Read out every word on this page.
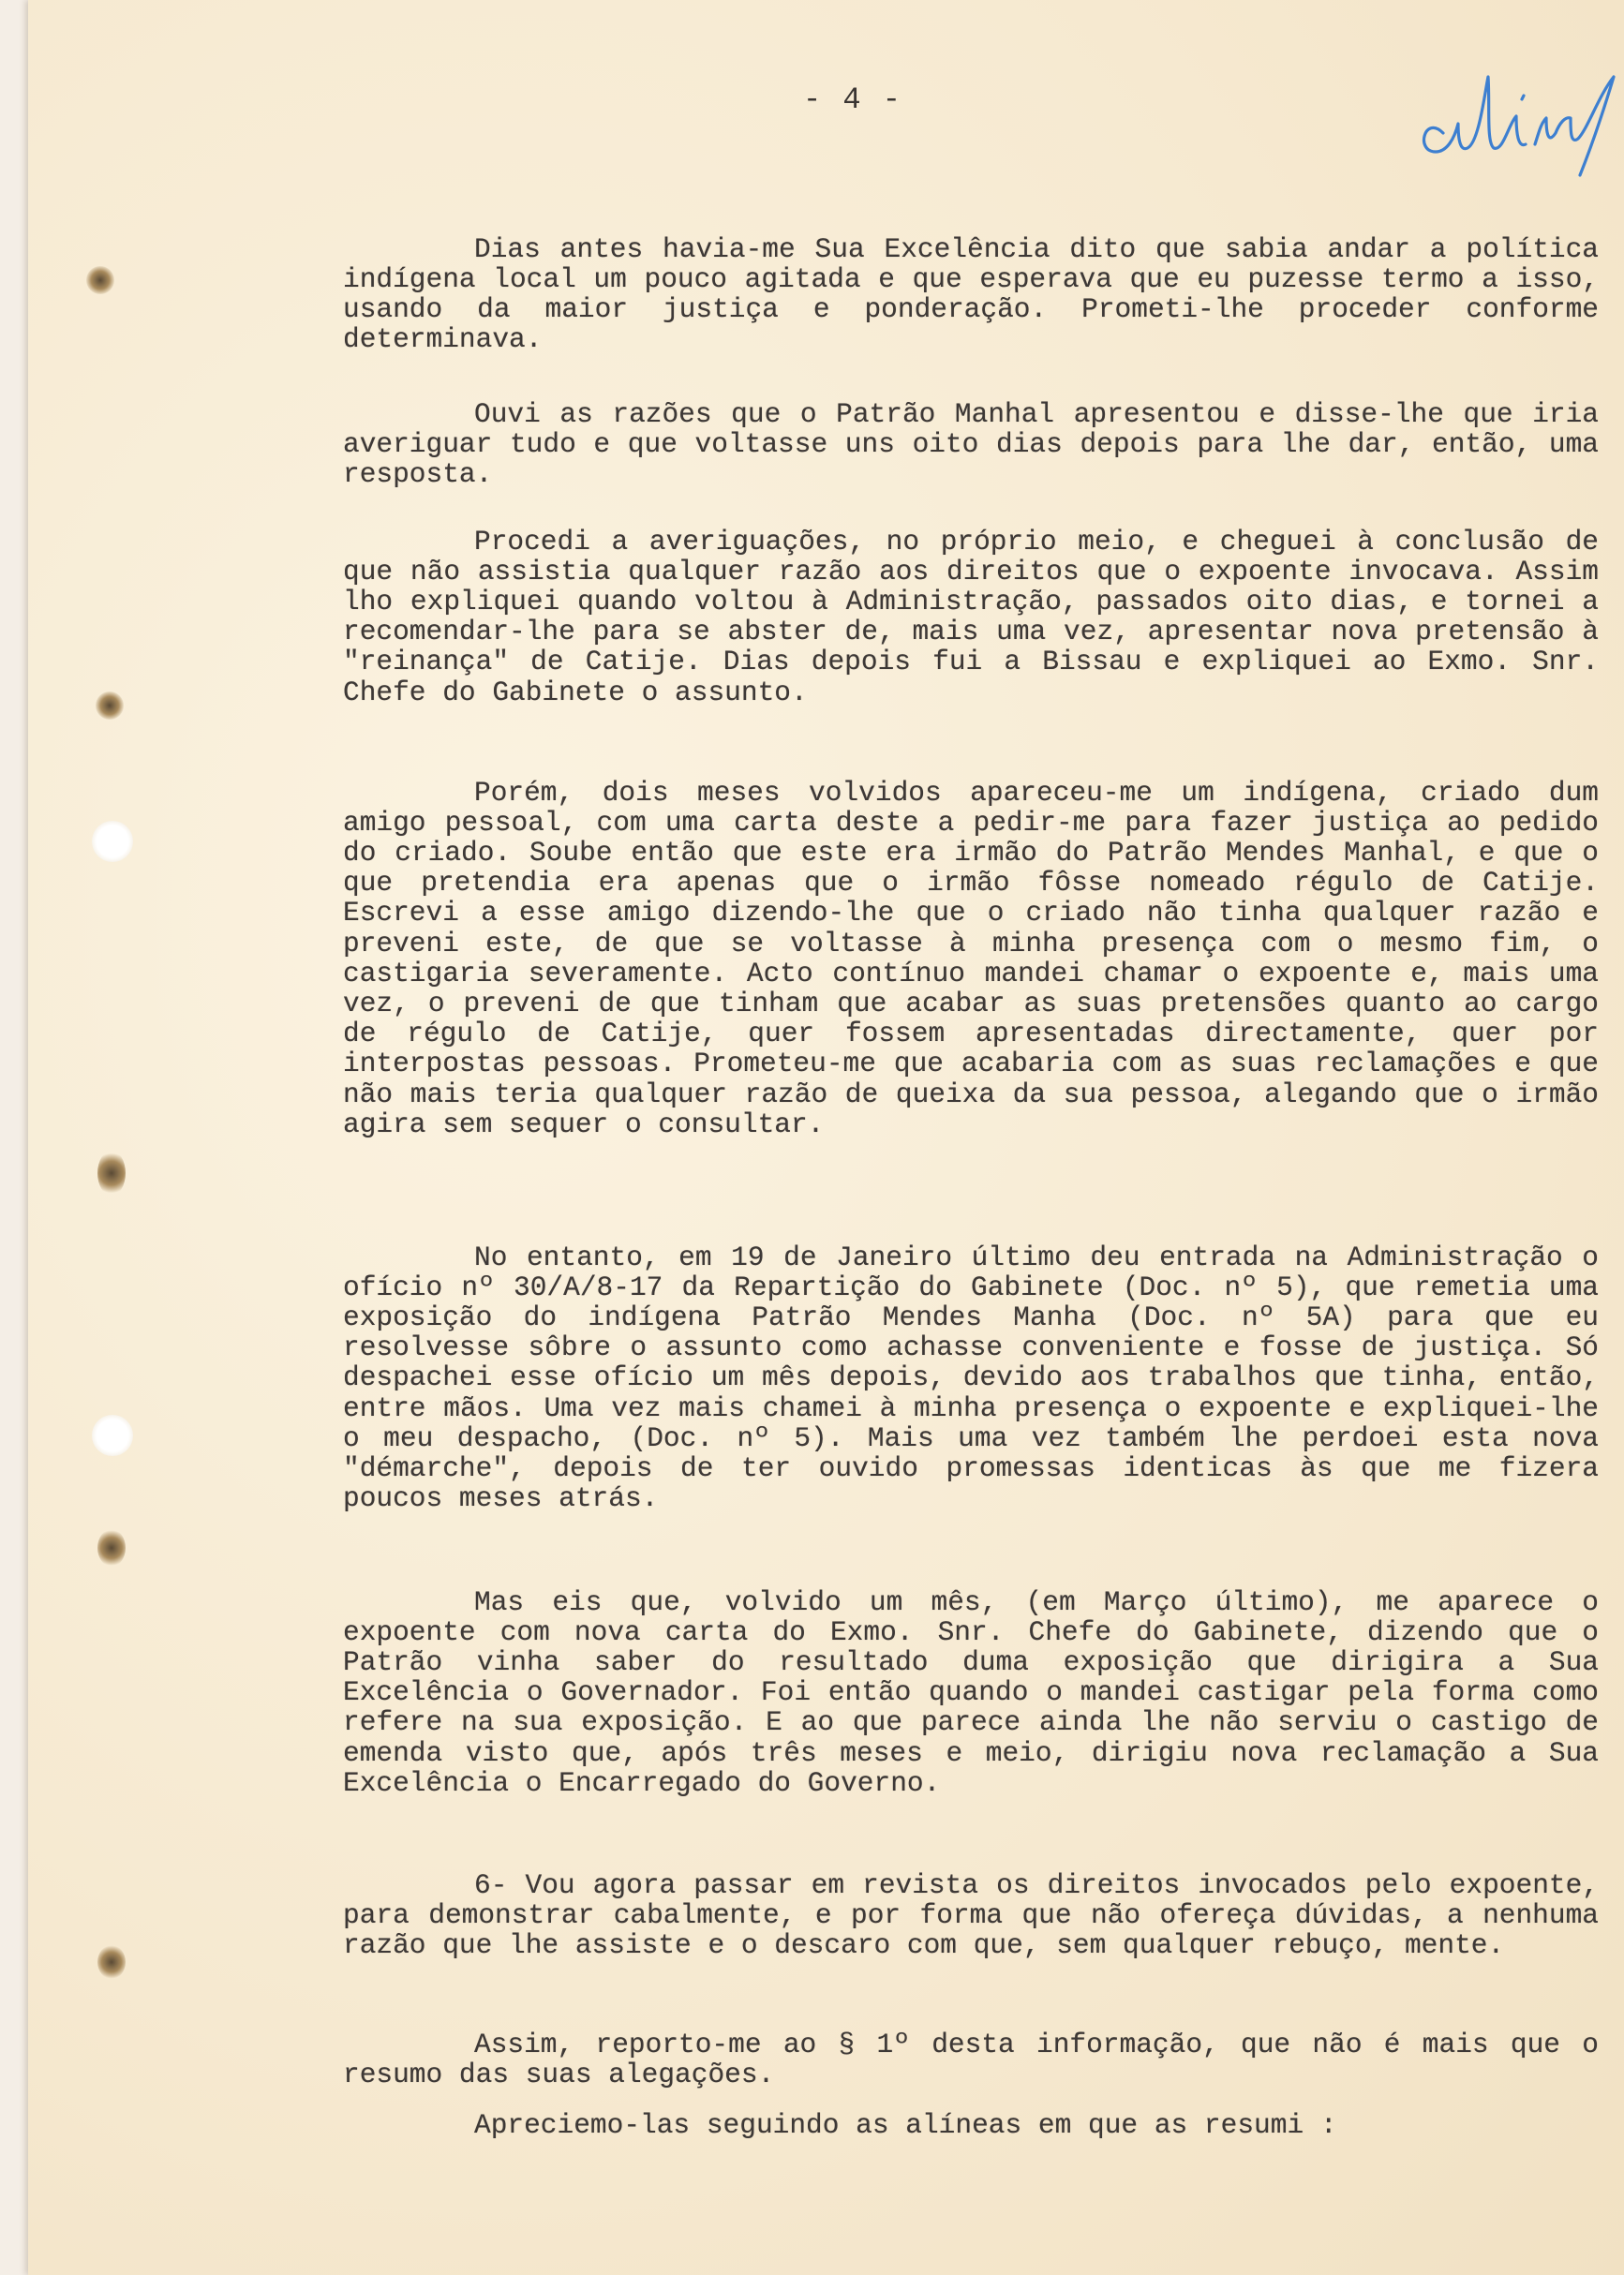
- 4 -

Dias antes havia-me Sua Excelência dito que sabia andar a política indígena local um pouco agitada e que esperava que eu puzesse termo a isso, usando da maior justiça e ponderação. Prometi-lhe proceder conforme determinava.

Ouvi as razões que o Patrão Manhal apresentou e disse-lhe que iria averiguar tudo e que voltasse uns oito dias depois para lhe dar, então, uma resposta.

Procedi a averiguações, no próprio meio, e cheguei à conclusão de que não assistia qualquer razão aos direitos que o expoente invocava. Assim lho expliquei quando voltou à Administração, passados oito dias, e tornei a recomendar-lhe para se abster de, mais uma vez, apresentar nova pretensão à "reinança" de Catije. Dias depois fui a Bissau e expliquei ao Exmo. Snr. Chefe do Gabinete o assunto.

Porém, dois meses volvidos apareceu-me um indígena, criado dum amigo pessoal, com uma carta deste a pedir-me para fazer justiça ao pedido do criado. Soube então que este era irmão do Patrão Mendes Manhal, e que o que pretendia era apenas que o irmão fôsse nomeado régulo de Catije. Escrevi a esse amigo dizendo-lhe que o criado não tinha qualquer razão e preveni este, de que se voltasse à minha presença com o mesmo fim, o castigaria severamente. Acto contínuo mandei chamar o expoente e, mais uma vez, o preveni de que tinham que acabar as suas pretensões quanto ao cargo de régulo de Catije, quer fossem apresentadas directamente, quer por interpostas pessoas. Prometeu-me que acabaria com as suas reclamações e que não mais teria qualquer razão de queixa da sua pessoa, alegando que o irmão agira sem sequer o consultar.

No entanto, em 19 de Janeiro último deu entrada na Administração o ofício nº 30/A/8-17 da Repartição do Gabinete (Doc. nº 5), que remetia uma exposição do indígena Patrão Mendes Manha (Doc. nº 5A) para que eu resolvesse sôbre o assunto como achasse conveniente e fosse de justiça. Só despachei esse ofício um mês depois, devido aos trabalhos que tinha, então, entre mãos. Uma vez mais chamei à minha presença o expoente e expliquei-lhe o meu despacho, (Doc. nº 5). Mais uma vez também lhe perdoei esta nova "démarche", depois de ter ouvido promessas identicas às que me fizera poucos meses atrás.

Mas eis que, volvido um mês, (em Março último), me aparece o expoente com nova carta do Exmo. Snr. Chefe do Gabinete, dizendo que o Patrão vinha saber do resultado duma exposição que dirigira a Sua Excelência o Governador. Foi então quando o mandei castigar pela forma como refere na sua exposição. E ao que parece ainda lhe não serviu o castigo de emenda visto que, após três meses e meio, dirigiu nova reclamação a Sua Excelência o Encarregado do Governo.

6- Vou agora passar em revista os direitos invocados pelo expoente, para demonstrar cabalmente, e por forma que não ofereça dúvidas, a nenhuma razão que lhe assiste e o descaro com que, sem qualquer rebuço, mente.

Assim, reporto-me ao § 1º desta informação, que não é mais que o resumo das suas alegações.

Apreciemo-las seguindo as alíneas em que as resumi :
